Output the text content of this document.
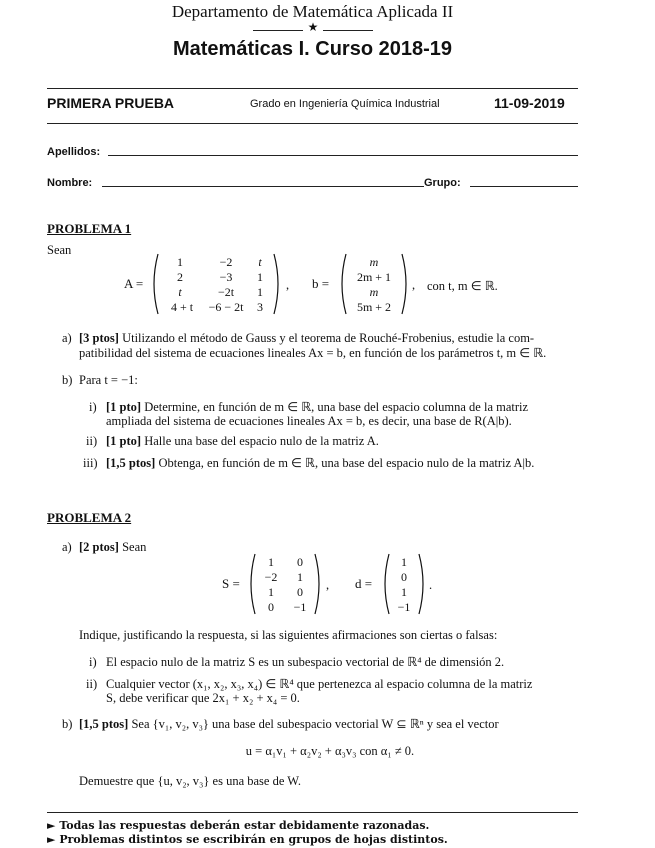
Departamento de Matemática Aplicada II
★
Matemáticas I. Curso 2018-19
PRIMERA PRUEBA	Grado en Ingeniería Química Industrial	11-09-2019
Apellidos:
Nombre:	Grupo:
PROBLEMA 1
Sean
A =
1	−2	t
2	−3	1
t	−2t	1
4 + t	−6 − 2t	3
, b =
m
2m + 1
m
5m + 2
, con t, m ∈ ℝ.
a) [3 ptos] Utilizando el método de Gauss y el teorema de Rouché-Frobenius, estudie la com-
patibilidad del sistema de ecuaciones lineales Ax = b, en función de los parámetros t, m ∈ ℝ.
b) Para t = −1:
i) [1 pto] Determine, en función de m ∈ ℝ, una base del espacio columna de la matriz
ampliada del sistema de ecuaciones lineales Ax = b, es decir, una base de R(A|b).
ii) [1 pto] Halle una base del espacio nulo de la matriz A.
iii) [1,5 ptos] Obtenga, en función de m ∈ ℝ, una base del espacio nulo de la matriz A|b.
PROBLEMA 2
a) [2 ptos] Sean
S =
1	0
−2	1
1	0
0	−1
, d =
1
0
1
−1
.
Indique, justificando la respuesta, si las siguientes afirmaciones son ciertas o falsas:
i) El espacio nulo de la matriz S es un subespacio vectorial de ℝ⁴ de dimensión 2.
ii) Cualquier vector (x₁, x₂, x₃, x₄) ∈ ℝ⁴ que pertenezca al espacio columna de la matriz
S, debe verificar que 2x₁ + x₂ + x₄ = 0.
b) [1,5 ptos] Sea {v₁, v₂, v₃} una base del subespacio vectorial W ⊆ ℝⁿ y sea el vector
u = α₁v₁ + α₂v₂ + α₃v₃ con α₁ ≠ 0.
Demuestre que {u, v₂, v₃} es una base de W.
► Todas las respuestas deberán estar debidamente razonadas.
► Problemas distintos se escribirán en grupos de hojas distintos.
